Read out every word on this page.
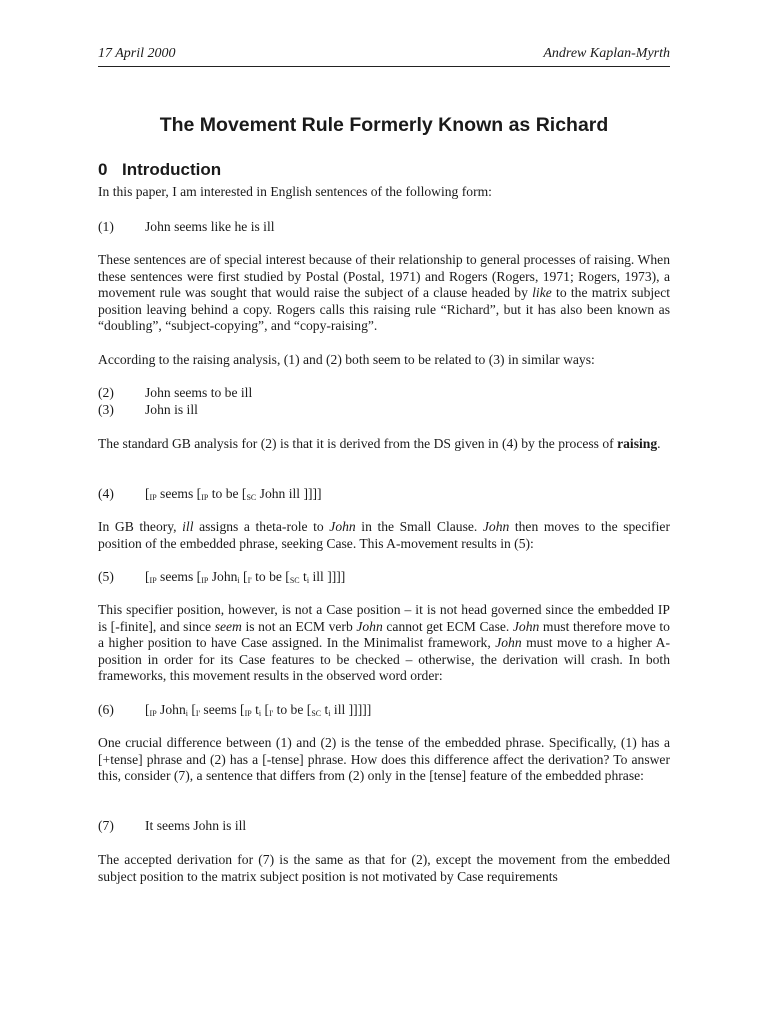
17 April 2000	Andrew Kaplan-Myrth
The Movement Rule Formerly Known as Richard
0 Introduction
In this paper, I am interested in English sentences of the following form:
(1) John seems like he is ill
These sentences are of special interest because of their relationship to general processes of raising. When these sentences were first studied by Postal (Postal, 1971) and Rogers (Rogers, 1971; Rogers, 1973), a movement rule was sought that would raise the subject of a clause headed by like to the matrix subject position leaving behind a copy. Rogers calls this raising rule “Richard”, but it has also been known as “doubling”, “subject-copying”, and “copy-raising”.
According to the raising analysis, (1) and (2) both seem to be related to (3) in similar ways:
(2) John seems to be ill
(3) John is ill
The standard GB analysis for (2) is that it is derived from the DS given in (4) by the process of raising.
(4) [$_{IP}$ seems [$_{IP}$ to be [$_{SC}$ John ill ]]]]
In GB theory, ill assigns a theta-role to John in the Small Clause. John then moves to the specifier position of the embedded phrase, seeking Case. This A-movement results in (5):
(5) [$_{IP}$ seems [$_{IP}$ John$_i$ [$_{I'}$ to be [$_{SC}$ $t_i$ ill ]]]]
This specifier position, however, is not a Case position – it is not head governed since the embedded IP is [-finite], and since seem is not an ECM verb John cannot get ECM Case. John must therefore move to a higher position to have Case assigned. In the Minimalist framework, John must move to a higher A-position in order for its Case features to be checked – otherwise, the derivation will crash. In both frameworks, this movement results in the observed word order:
(6) [$_{IP}$ John$_i$ [$_{I'}$ seems [$_{IP}$ $t_i$ [$_{I'}$ to be [$_{SC}$ $t_i$ ill ]]]]]
One crucial difference between (1) and (2) is the tense of the embedded phrase. Specifically, (1) has a [+tense] phrase and (2) has a [-tense] phrase. How does this difference affect the derivation? To answer this, consider (7), a sentence that differs from (2) only in the [tense] feature of the embedded phrase:
(7) It seems John is ill
The accepted derivation for (7) is the same as that for (2), except the movement from the embedded subject position to the matrix subject position is not motivated by Case requirements
